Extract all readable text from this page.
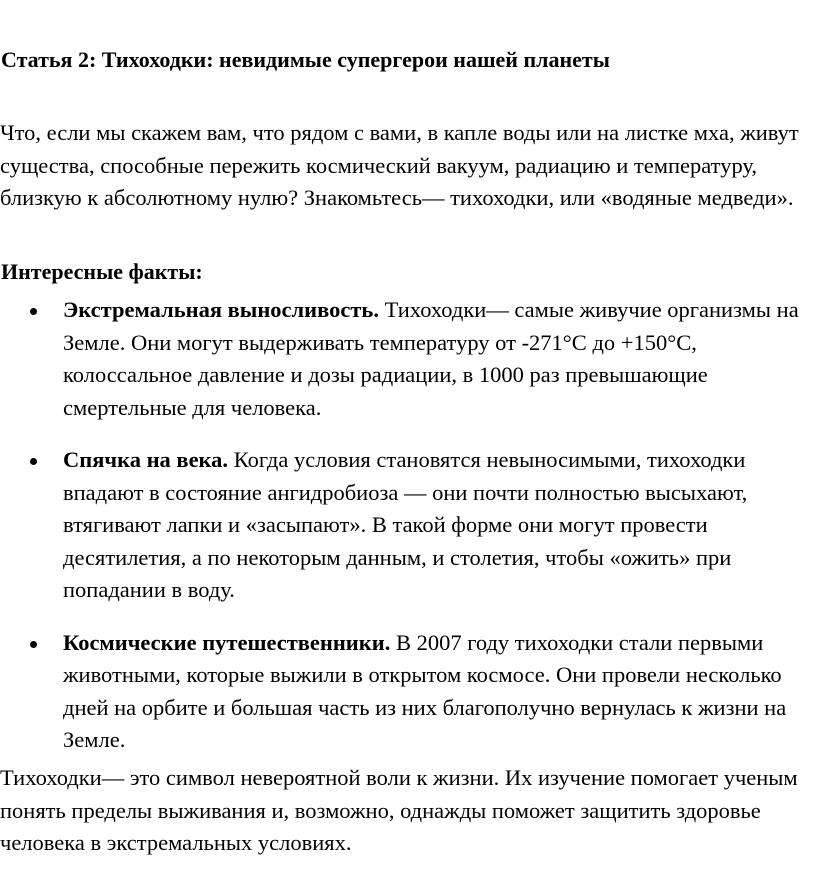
Статья 2: Тихоходки: невидимые супергерои нашей планеты

Что, если мы скажем вам, что рядом с вами, в капле воды или на листке мха, живут существа, способные пережить космический вакуум, радиацию и температуру, близкую к абсолютному нулю? Знакомьтесь— тихоходки, или «водяные медведи».

Интересные факты:
Экстремальная выносливость. Тихоходки— самые живучие организмы на Земле. Они могут выдерживать температуру от -271°C до +150°C, колоссальное давление и дозы радиации, в 1000 раз превышающие смертельные для человека.
Спячка на века. Когда условия становятся невыносимыми, тихоходки впадают в состояние ангидробиоза — они почти полностью высыхают, втягивают лапки и «засыпают». В такой форме они могут провести десятилетия, а по некоторым данным, и столетия, чтобы «ожить» при попадании в воду.
Космические путешественники. В 2007 году тихоходки стали первыми животными, которые выжили в открытом космосе. Они провели несколько дней на орбите и большая часть из них благополучно вернулась к жизни на Земле.

Тихоходки— это символ невероятной воли к жизни. Их изучение помогает ученым понять пределы выживания и, возможно, однажды поможет защитить здоровье человека в экстремальных условиях.
